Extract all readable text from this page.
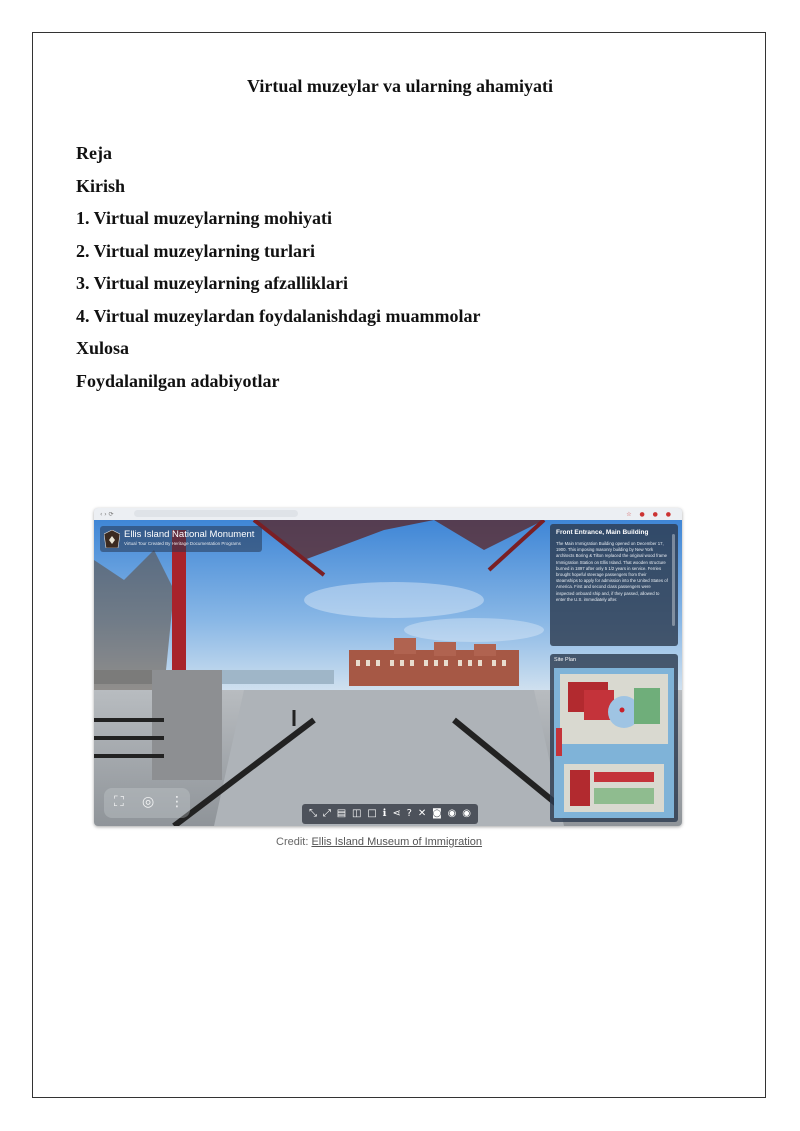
Virtual muzeylar va ularning ahamiyati
Reja
Kirish
1. Virtual muzeylarning mohiyati
2. Virtual muzeylarning turlari
3. Virtual muzeylarning afzalliklari
4. Virtual muzeylardan foydalanishdagi muammolar
Xulosa
Foydalanilgan adabiyotlar
‹ › ⟳	☆ ● ● ●
Ellis Island National Monument
Virtual Tour Created By Heritage Documentation Programs
Front Entrance, Main Building
The Main Immigration Building opened on December 17, 1900. This imposing masonry building by New York architects Boring & Tilton replaced the original wood frame Immigration Station on Ellis Island. That wooden structure burned in 1897 after only 5 1/2 years in service. Ferries brought hopeful steerage passengers from their steamships to apply for admission into the United States of America. First and second class passengers were inspected onboard ship and, if they passed, allowed to enter the U.S. immediately after.
Site Plan
⛶ ◎ ⋮
⤡ ⤢ ▤ ◫ □ ℹ ⋖ ? ✕ ◙ ◉ ◉
Credit: Ellis Island Museum of Immigration
